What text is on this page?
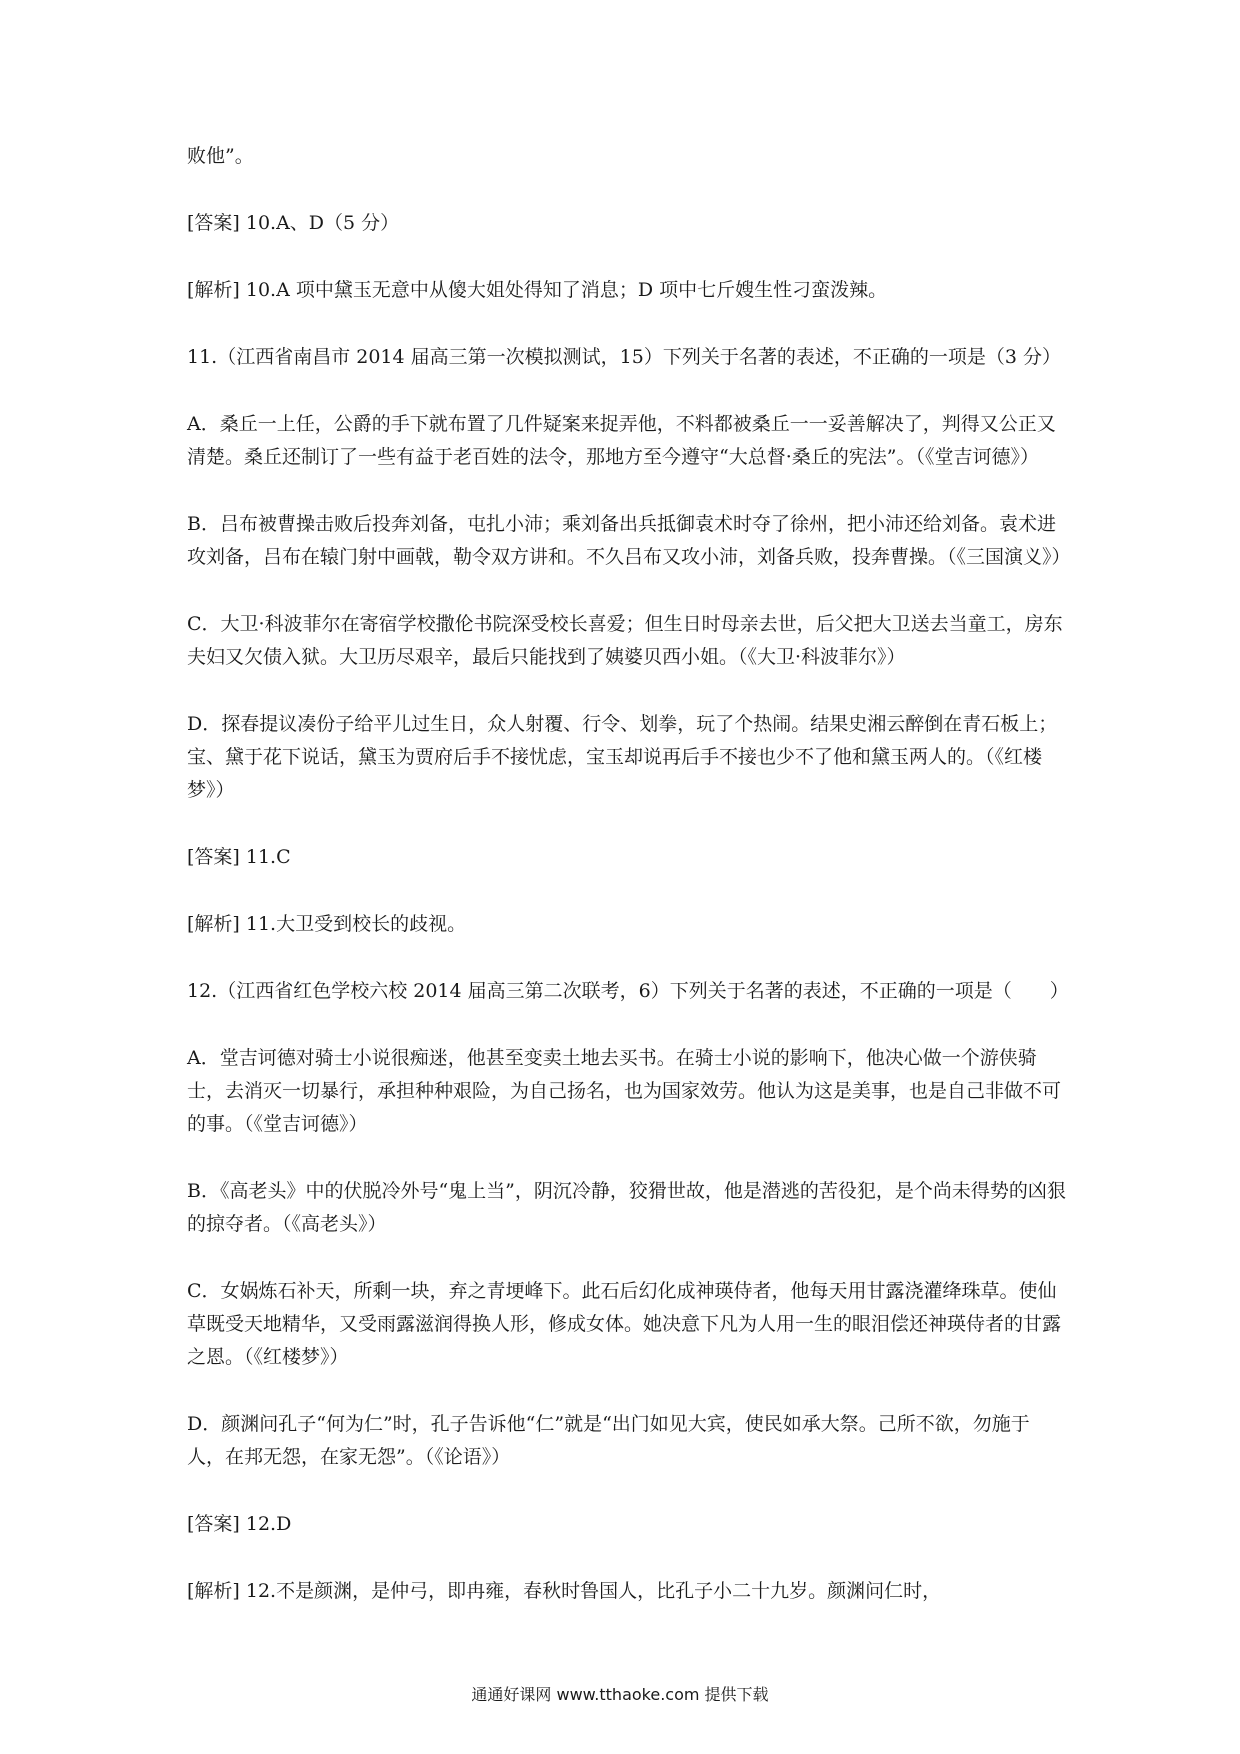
败他”。

[答案] 10.A、D（5 分）

[解析] 10.A 项中黛玉无意中从傻大姐处得知了消息；D 项中七斤嫂生性刁蛮泼辣。

11.（江西省南昌市 2014 届高三第一次模拟测试，15）下列关于名著的表述，不正确的一项是（3 分）

A．桑丘一上任，公爵的手下就布置了几件疑案来捉弄他，不料都被桑丘一一妥善解决了，判得又公正又清楚。桑丘还制订了一些有益于老百姓的法令，那地方至今遵守“大总督·桑丘的宪法”。（《堂吉诃德》）

B．吕布被曹操击败后投奔刘备，屯扎小沛；乘刘备出兵抵御袁术时夺了徐州，把小沛还给刘备。袁术进攻刘备，吕布在辕门射中画戟，勒令双方讲和。不久吕布又攻小沛，刘备兵败，投奔曹操。（《三国演义》）

C．大卫·科波菲尔在寄宿学校撒伦书院深受校长喜爱；但生日时母亲去世，后父把大卫送去当童工，房东夫妇又欠债入狱。大卫历尽艰辛，最后只能找到了姨婆贝西小姐。（《大卫·科波菲尔》）

D．探春提议凑份子给平儿过生日，众人射覆、行令、划拳，玩了个热闹。结果史湘云醉倒在青石板上；宝、黛于花下说话，黛玉为贾府后手不接忧虑，宝玉却说再后手不接也少不了他和黛玉两人的。（《红楼梦》）

[答案] 11.C

[解析] 11.大卫受到校长的歧视。

12.（江西省红色学校六校 2014 届高三第二次联考，6）下列关于名著的表述，不正确的一项是（　　）

A．堂吉诃德对骑士小说很痴迷，他甚至变卖土地去买书。在骑士小说的影响下，他决心做一个游侠骑士，去消灭一切暴行，承担种种艰险，为自己扬名，也为国家效劳。他认为这是美事，也是自己非做不可的事。（《堂吉诃德》）

B．《高老头》中的伏脱冷外号“鬼上当”，阴沉冷静，狡猾世故，他是潜逃的苦役犯，是个尚未得势的凶狠的掠夺者。（《高老头》）

C．女娲炼石补天，所剩一块，弃之青埂峰下。此石后幻化成神瑛侍者，他每天用甘露浇灌绛珠草。使仙草既受天地精华，又受雨露滋润得换人形，修成女体。她决意下凡为人用一生的眼泪偿还神瑛侍者的甘露之恩。（《红楼梦》）

D．颜渊问孔子“何为仁”时，孔子告诉他“仁”就是“出门如见大宾，使民如承大祭。己所不欲，勿施于人，在邦无怨，在家无怨”。（《论语》）

[答案] 12.D

[解析] 12.不是颜渊，是仲弓，即冉雍，春秋时鲁国人，比孔子小二十九岁。颜渊问仁时，

通通好课网 www.tthaoke.com 提供下载
